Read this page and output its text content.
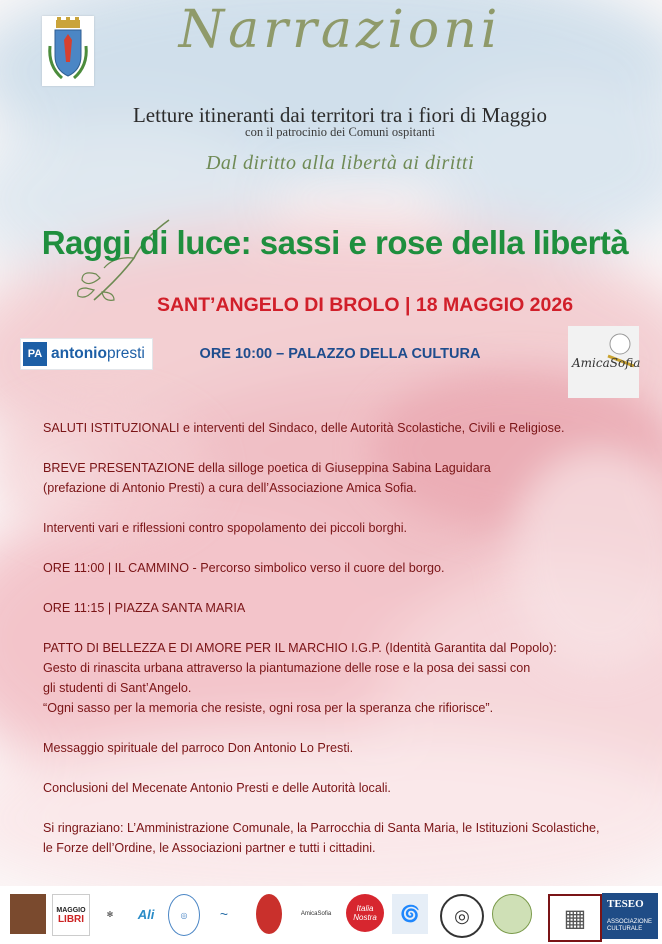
Narrazioni
Letture itineranti dai territori tra i fiori di Maggio
con il patrocinio dei Comuni ospitanti
Dal diritto alla libertà ai diritti
Raggi di luce: sassi e rose della libertà
SANT’ANGELO DI BROLO | 18 MAGGIO 2026
PA antoniopresti	ORE 10:00 – PALAZZO DELLA CULTURA
AmicaSofia

SALUTI ISTITUZIONALI e interventi del Sindaco, delle Autorità Scolastiche, Civili e Religiose.

BREVE PRESENTAZIONE della silloge poetica di Giuseppina Sabina Laguidara

(prefazione di Antonio Presti) a cura dell’Associazione Amica Sofia.

Interventi vari e riflessioni contro spopolamento dei piccoli borghi.

ORE 11:00 | IL CAMMINO - Percorso simbolico verso il cuore del borgo.

ORE 11:15 | PIAZZA SANTA MARIA

PATTO DI BELLEZZA E DI AMORE PER IL MARCHIO I.G.P. (Identità Garantita dal Popolo):

Gesto di rinascita urbana attraverso la piantumazione delle rose e la posa dei sassi con

gli studenti di Sant’Angelo.

“Ogni sasso per la memoria che resiste, ogni rosa per la speranza che rifiorisce”.

Messaggio spirituale del parroco Don Antonio Lo Presti.

Conclusioni del Mecenate Antonio Presti e delle Autorità locali.

Si ringraziano: L’Amministrazione Comunale, la Parrocchia di Santa Maria, le Istituzioni Scolastiche,

le Forze dell’Ordine, le Associazioni partner e tutti i cittadini.

MAGGIO
LIBRI	✻	Ali	◎	~	AmicaSofia
Italia Nostra	🌀	◎	▦
TESEO
ASSOCIAZIONE CULTURALE
